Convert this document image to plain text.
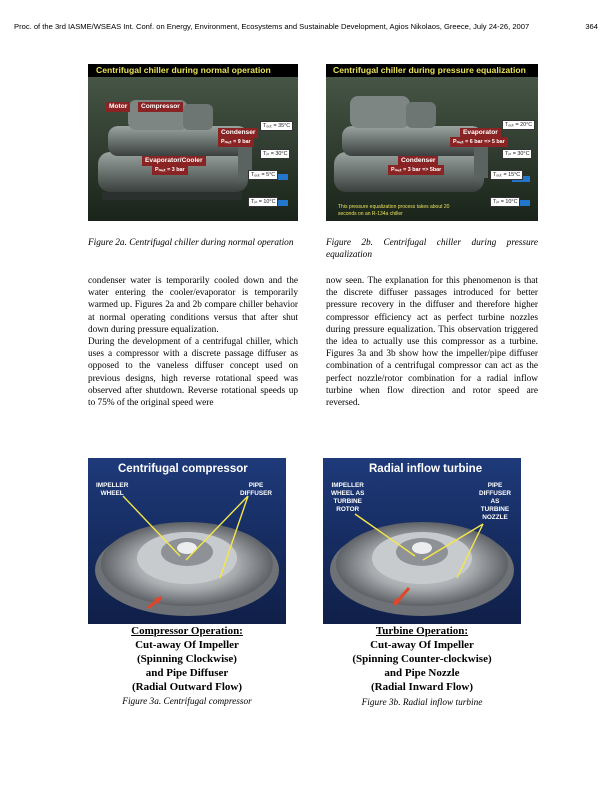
Proc. of the 3rd IASME/WSEAS Int. Conf. on Energy, Environment, Ecosystems and Sustainable Development, Agios Nikolaos, Greece, July 24-26, 2007	364
Centrifugal chiller during normal operation
Motor	Compressor
Condenser
Pₘₑₜ = 9 bar
Evaporator/Cooler
Pₘₑₜ = 3 bar
Tₒᵤₜ = 35°C
Tᵢₙ = 30°C
Tₒᵤₜ = 5°C
Tᵢₙ = 10°C
Centrifugal chiller during pressure equalization
Evaporator
Pₘₑₜ = 6 bar => 5 bar
Condenser
Pₘₑₜ = 3 bar => 5bar
Tₒᵤₜ = 20°C
Tᵢₙ = 30°C
Tₒᵤₜ = 15°C
Tᵢₙ = 10°C
This pressure equalization process takes about 20 seconds on an R-134a chiller
Figure 2a. Centrifugal chiller during normal operation	Figure 2b. Centrifugal chiller during pressure equalization

condenser water is temporarily cooled down and the water entering the cooler/evaporator is temporarily warmed up. Figures 2a and 2b compare chiller behavior at normal operating conditions versus that after shut down during pressure equalization.

During the development of a centrifugal chiller, which uses a compressor with a discrete passage diffuser as opposed to the vaneless diffuser concept used on previous designs, high reverse rotational speed was observed after shutdown. Reverse rotational speeds up to 75% of the original speed were

now seen. The explanation for this phenomenon is that the discrete diffuser passages introduced for better pressure recovery in the diffuser and therefore higher compressor efficiency act as perfect turbine nozzles during pressure equalization. This observation triggered the idea to actually use this compressor as a turbine. Figures 3a and 3b show how the impeller/pipe diffuser combination of a centrifugal compressor can act as the perfect nozzle/rotor combination for a radial inflow turbine when flow direction and rotor speed are reversed.

Centrifugal compressor
IMPELLER
WHEEL
PIPE
DIFFUSER
Radial inflow turbine
IMPELLER
WHEEL AS
TURBINE
ROTOR
PIPE
DIFFUSER
AS
TURBINE
NOZZLE
Compressor Operation:
Cut-away Of Impeller
(Spinning Clockwise)
and Pipe Diffuser
(Radial Outward Flow)
Turbine Operation:
Cut-away Of Impeller
(Spinning Counter-clockwise)
and Pipe Nozzle
(Radial Inward Flow)
Figure 3a. Centrifugal compressor	Figure 3b. Radial inflow turbine
